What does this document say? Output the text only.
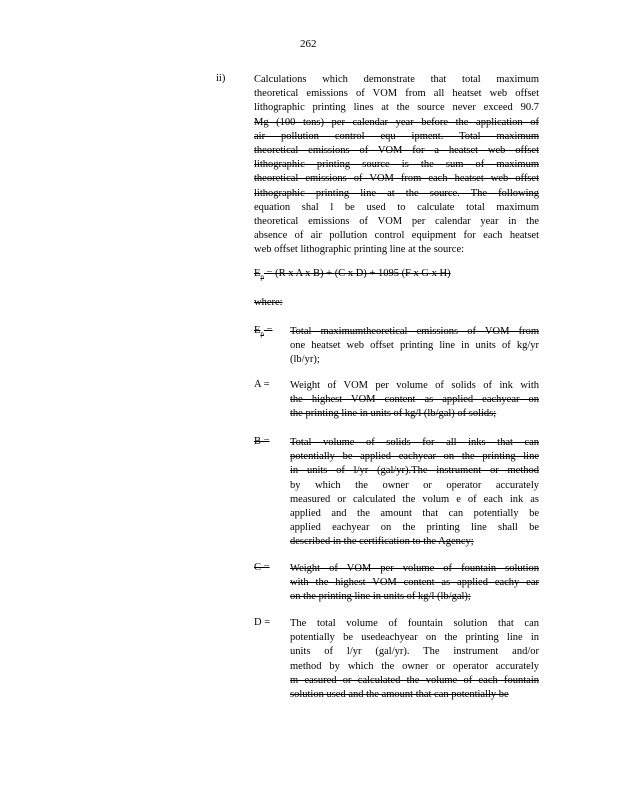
262
ii)	Calculations which demonstrate that total maximum
theoretical emissions of VOM from all heatset web offset
lithographic printing lines at the source never exceed 90.7
Mg (100 tons) per calendar year before the application of
air pollution control equ ipment. Total maximum
theoretical emissions of VOM for a heatset web offset
lithographic printing source is the sum of maximum
theoretical emissions of VOM from each heatset web offset
lithographic printing line at the source. The following
equation shal l be used to calculate total maximum
theoretical emissions of VOM per calendar year in the
absence of air pollution control equipment for each heatset
web offset lithographic printing line at the source:
$E_p = (R$ x A x B) + (C x D) + 1095 (F x G x H)
where:
$E_p$ = Total maximumtheoretical emissions of VOM from
one heatset web offset printing line in units of kg/yr
(lb/yr);
A = Weight of VOM per volume of solids of ink with
the highest VOM content as applied eachyear on
the printing line in units of kg/l (lb/gal) of solids;
B = Total volume of solids for all inks that can
potentially be applied eachyear on the printing line
in units of l/yr (gal/yr).The instrument or method
by which the owner or operator accurately
measured or calculated the volum e of each ink as
applied and the amount that can potentially be
applied eachyear on the printing line shall be
described in the certification to the Agency;
C = Weight of VOM per volume of fountain solution
with the highest VOM content as applied eachy ear
on the printing line in units of kg/l (lb/gal);
D = The total volume of fountain solution that can
potentially be usedeachyear on the printing line in
units of l/yr (gal/yr). The instrument and/or
method by which the owner or operator accurately
m easured or calculated the volume of each fountain
solution used and the amount that can potentially be
